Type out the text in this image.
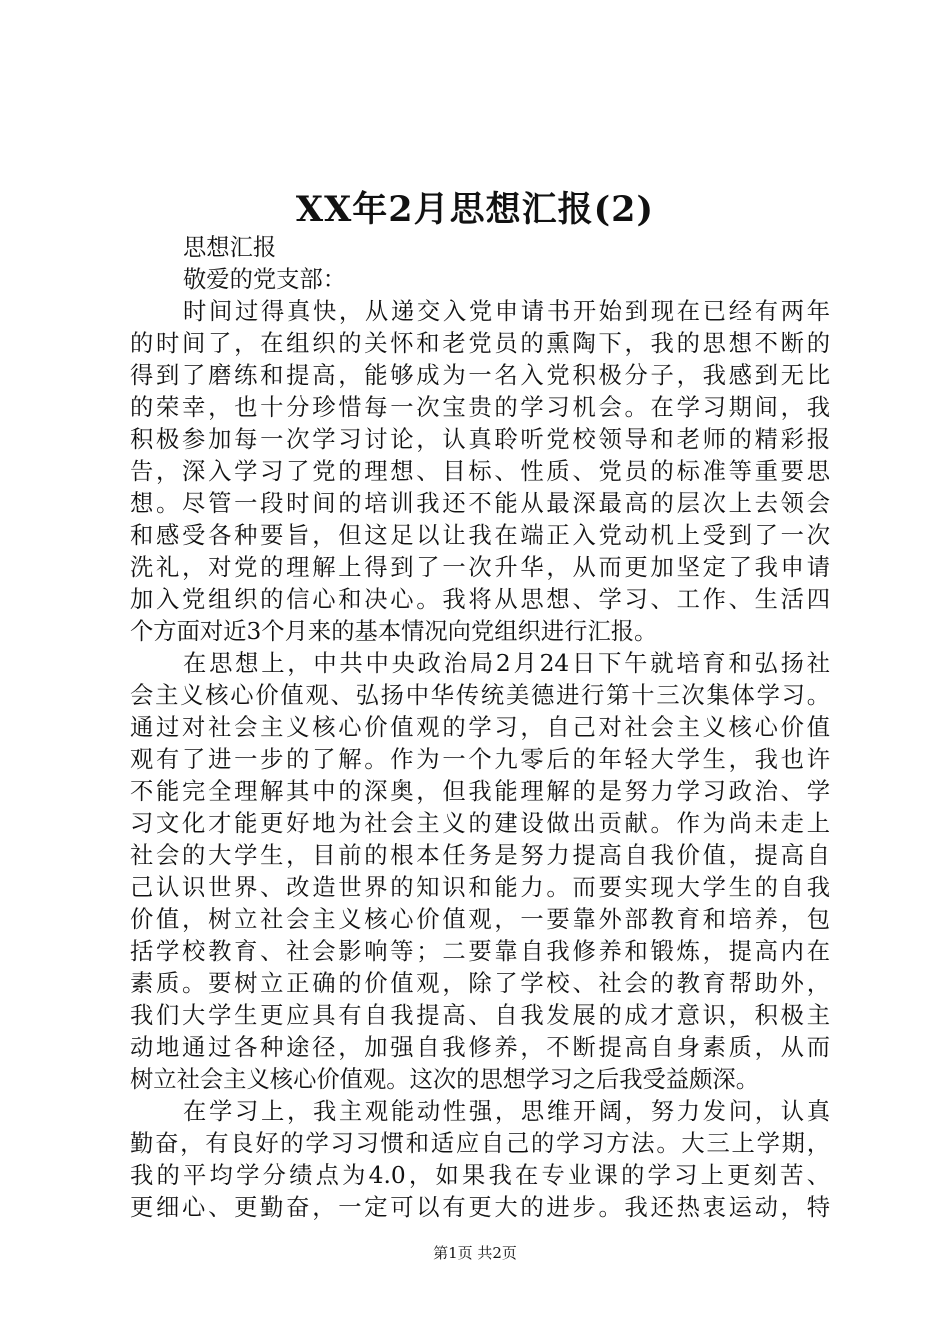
XX年2月思想汇报(2)
思想汇报
敬爱的党支部：
时间过得真快，从递交入党申请书开始到现在已经有两年
的时间了，在组织的关怀和老党员的熏陶下，我的思想不断的
得到了磨练和提高，能够成为一名入党积极分子，我感到无比
的荣幸，也十分珍惜每一次宝贵的学习机会。在学习期间，我
积极参加每一次学习讨论，认真聆听党校领导和老师的精彩报
告，深入学习了党的理想、目标、性质、党员的标准等重要思
想。尽管一段时间的培训我还不能从最深最高的层次上去领会
和感受各种要旨，但这足以让我在端正入党动机上受到了一次
洗礼，对党的理解上得到了一次升华，从而更加坚定了我申请
加入党组织的信心和决心。我将从思想、学习、工作、生活四
个方面对近3个月来的基本情况向党组织进行汇报。
在思想上，中共中央政治局2月24日下午就培育和弘扬社
会主义核心价值观、弘扬中华传统美德进行第十三次集体学习。
通过对社会主义核心价值观的学习，自己对社会主义核心价值
观有了进一步的了解。作为一个九零后的年轻大学生，我也许
不能完全理解其中的深奥，但我能理解的是努力学习政治、学
习文化才能更好地为社会主义的建设做出贡献。作为尚未走上
社会的大学生，目前的根本任务是努力提高自我价值，提高自
己认识世界、改造世界的知识和能力。而要实现大学生的自我
价值，树立社会主义核心价值观，一要靠外部教育和培养，包
括学校教育、社会影响等；二要靠自我修养和锻炼，提高内在
素质。要树立正确的价值观，除了学校、社会的教育帮助外，
我们大学生更应具有自我提高、自我发展的成才意识，积极主
动地通过各种途径，加强自我修养，不断提高自身素质，从而
树立社会主义核心价值观。这次的思想学习之后我受益颇深。
在学习上，我主观能动性强，思维开阔，努力发问，认真
勤奋，有良好的学习习惯和适应自己的学习方法。大三上学期，
我的平均学分绩点为4.0，如果我在专业课的学习上更刻苦、
更细心、更勤奋，一定可以有更大的进步。我还热衷运动，特
第1页 共2页
